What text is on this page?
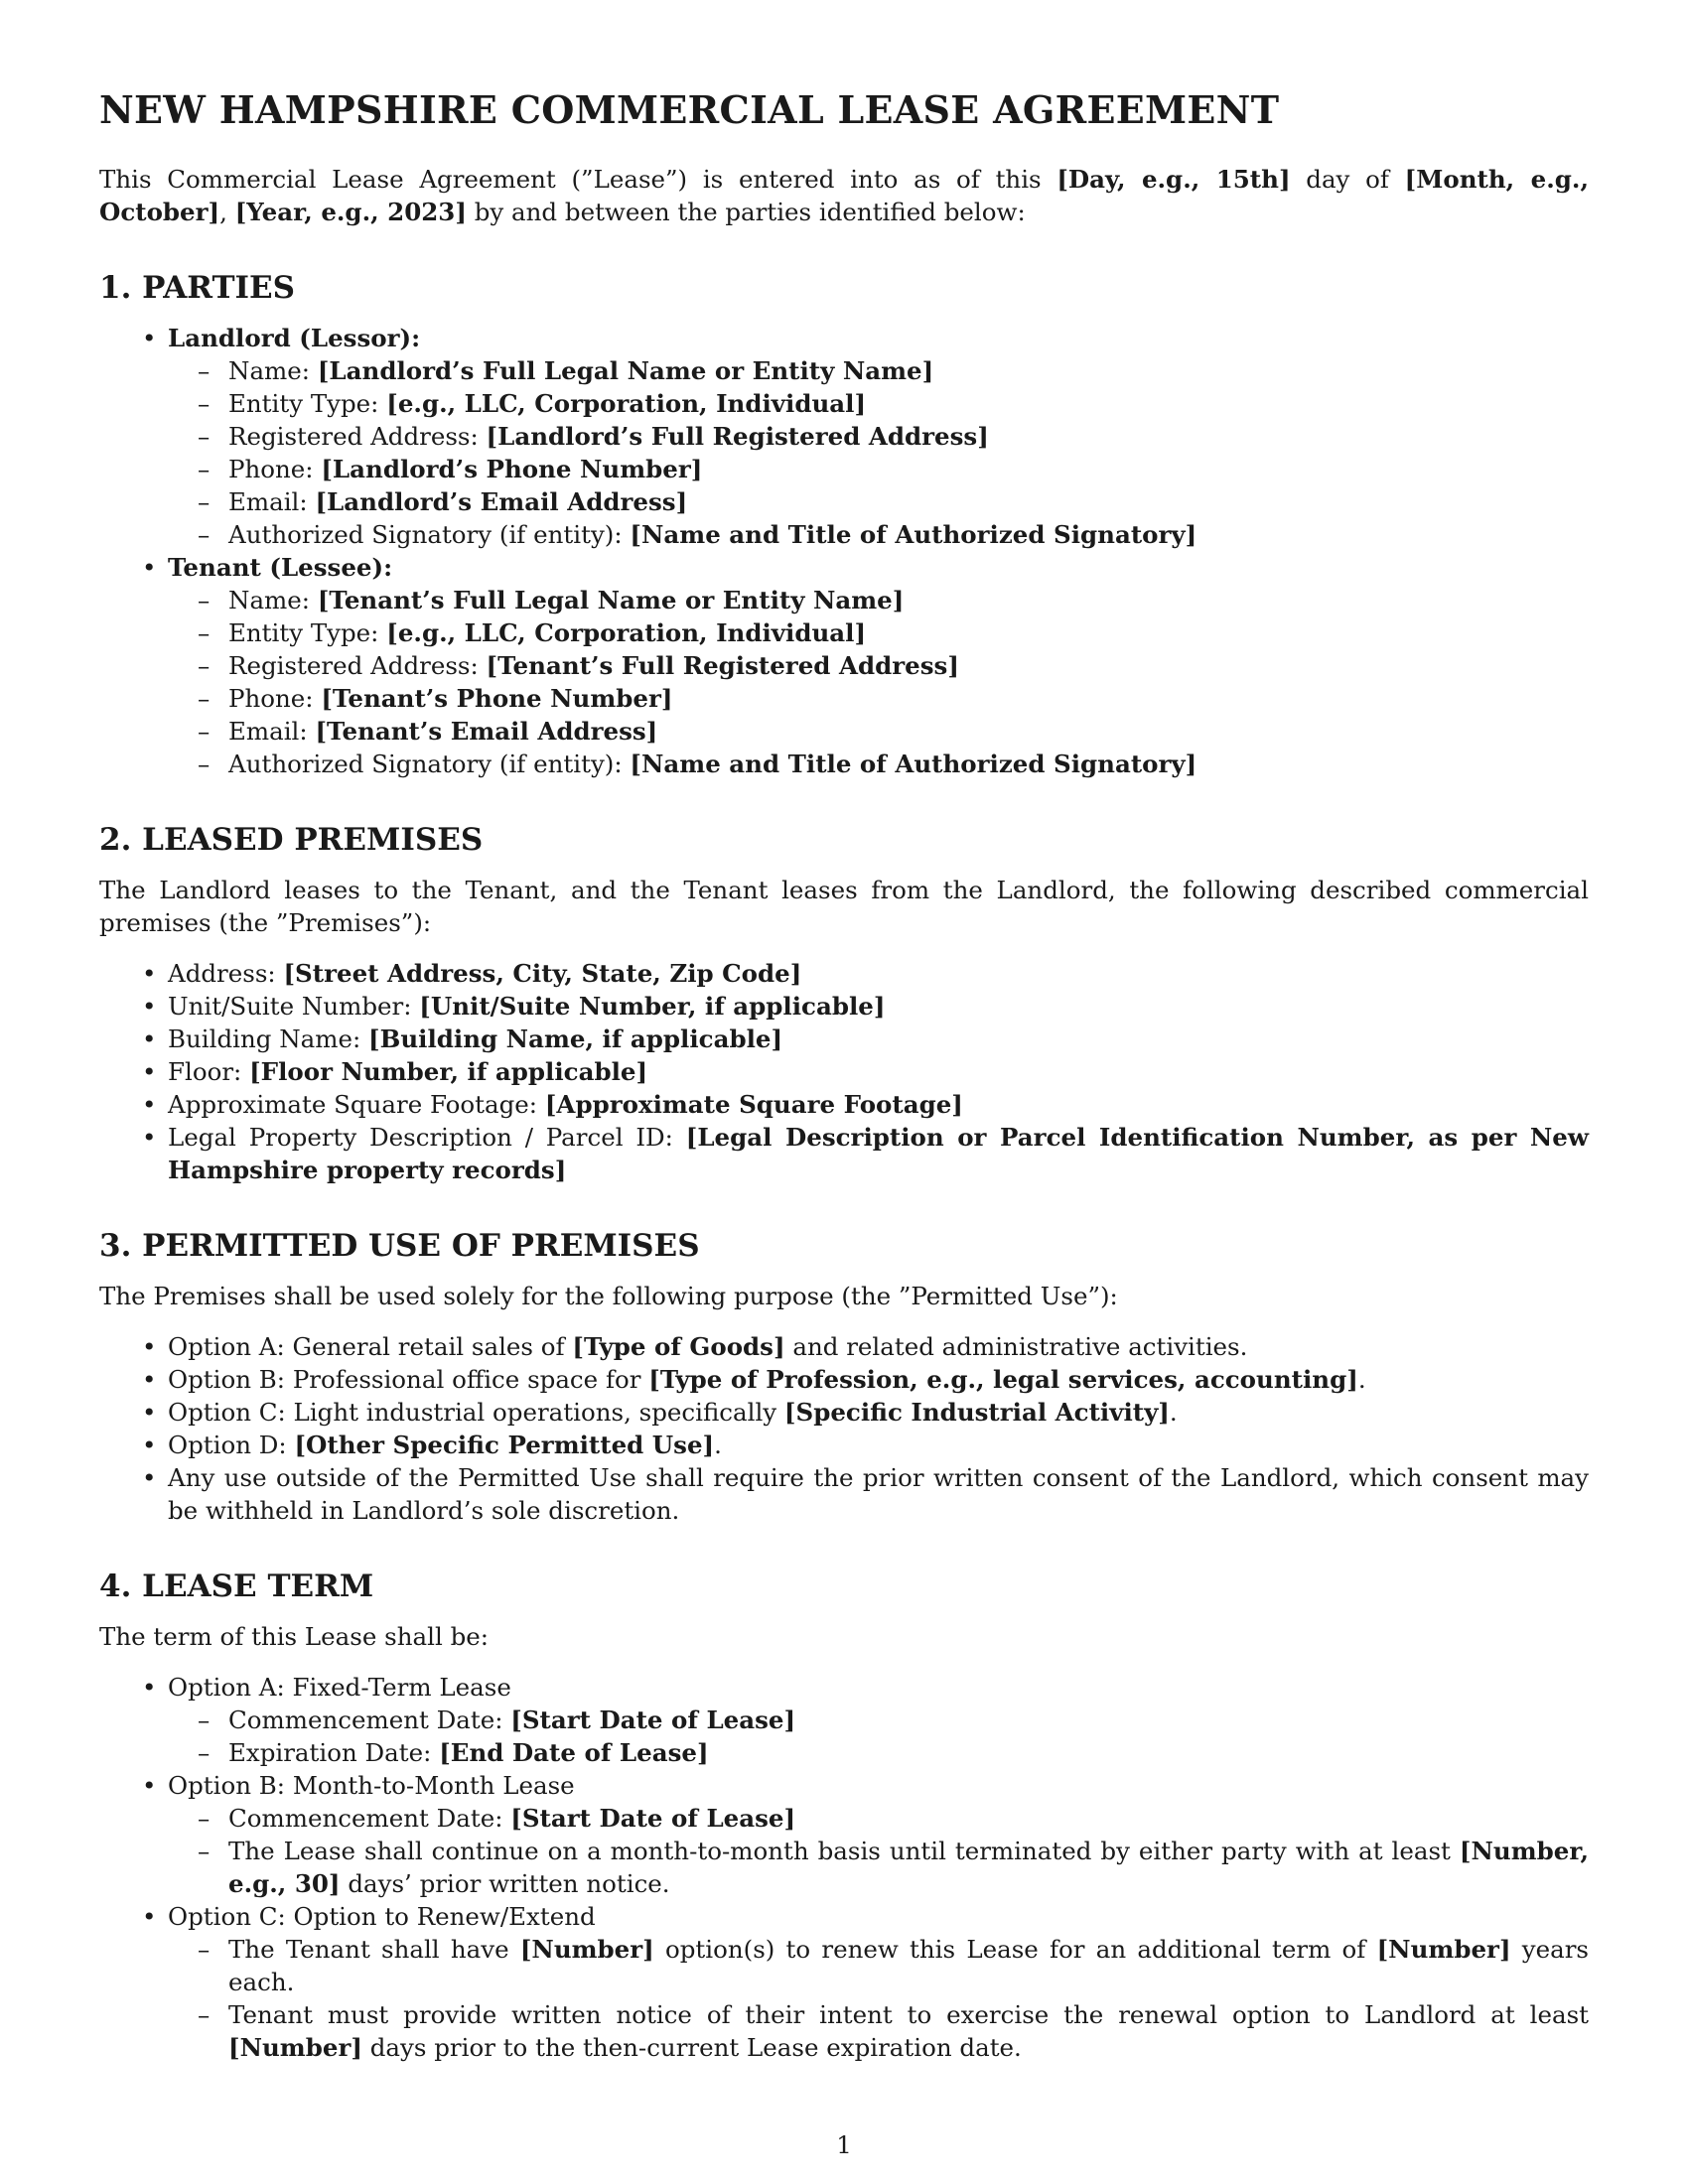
NEW HAMPSHIRE COMMERCIAL LEASE AGREEMENT

This Commercial Lease Agreement (”Lease”) is entered into as of this [Day, e.g., 15th] day of [Month, e.g., October], [Year, e.g., 2023] by and between the parties identified below:

1. PARTIES
• Landlord (Lessor):
– Name: [Landlord’s Full Legal Name or Entity Name]
– Entity Type: [e.g., LLC, Corporation, Individual]
– Registered Address: [Landlord’s Full Registered Address]
– Phone: [Landlord’s Phone Number]
– Email: [Landlord’s Email Address]
– Authorized Signatory (if entity): [Name and Title of Authorized Signatory]
• Tenant (Lessee):
– Name: [Tenant’s Full Legal Name or Entity Name]
– Entity Type: [e.g., LLC, Corporation, Individual]
– Registered Address: [Tenant’s Full Registered Address]
– Phone: [Tenant’s Phone Number]
– Email: [Tenant’s Email Address]
– Authorized Signatory (if entity): [Name and Title of Authorized Signatory]
2. LEASED PREMISES

The Landlord leases to the Tenant, and the Tenant leases from the Landlord, the following described commercial premises (the ”Premises”):

• Address: [Street Address, City, State, Zip Code]
• Unit/Suite Number: [Unit/Suite Number, if applicable]
• Building Name: [Building Name, if applicable]
• Floor: [Floor Number, if applicable]
• Approximate Square Footage: [Approximate Square Footage]
• Legal Property Description / Parcel ID: [Legal Description or Parcel Identification Number, as per New Hampshire property records]
3. PERMITTED USE OF PREMISES

The Premises shall be used solely for the following purpose (the ”Permitted Use”):

• Option A: General retail sales of [Type of Goods] and related administrative activities.
• Option B: Professional office space for [Type of Profession, e.g., legal services, accounting].
• Option C: Light industrial operations, specifically [Specific Industrial Activity].
• Option D: [Other Specific Permitted Use].
• Any use outside of the Permitted Use shall require the prior written consent of the Landlord, which consent may be withheld in Landlord’s sole discretion.
4. LEASE TERM

The term of this Lease shall be:

• Option A: Fixed-Term Lease
– Commencement Date: [Start Date of Lease]
– Expiration Date: [End Date of Lease]
• Option B: Month-to-Month Lease
– Commencement Date: [Start Date of Lease]
– The Lease shall continue on a month-to-month basis until terminated by either party with at least [Number, e.g., 30] days’ prior written notice.
• Option C: Option to Renew/Extend
– The Tenant shall have [Number] option(s) to renew this Lease for an additional term of [Number] years each.
– Tenant must provide written notice of their intent to exercise the renewal option to Landlord at least [Number] days prior to the then-current Lease expiration date.
1
